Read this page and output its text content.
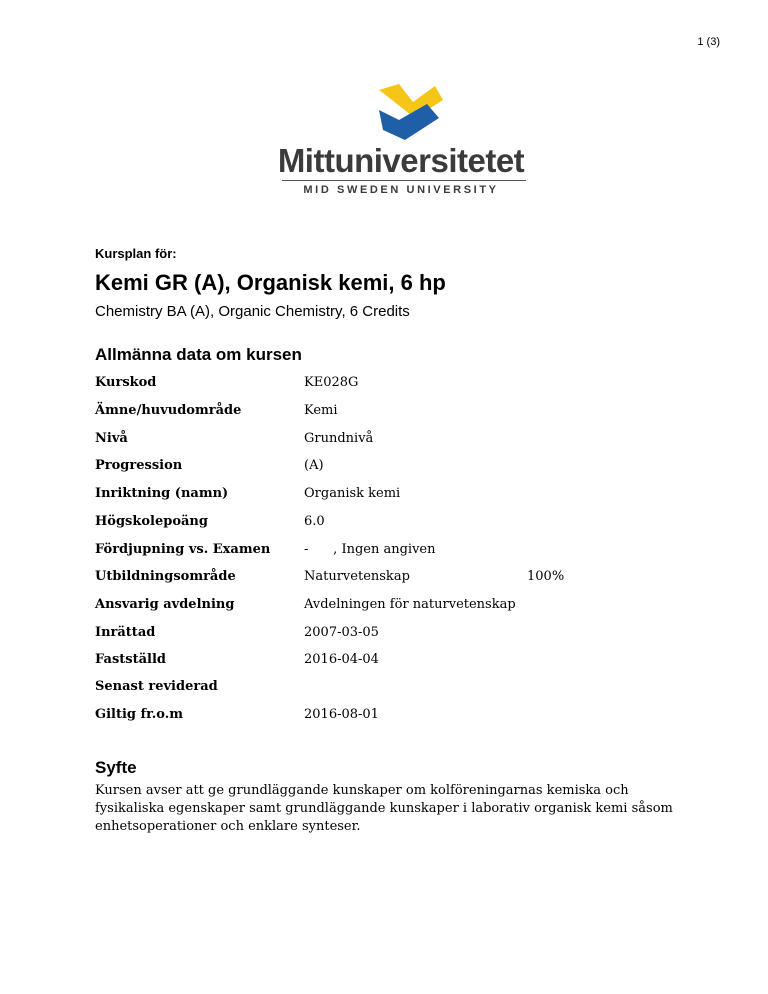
1 (3)
Mittuniversitetet
MID SWEDEN UNIVERSITY
Kursplan för:
Kemi GR (A), Organisk kemi, 6 hp
Chemistry BA (A), Organic Chemistry, 6 Credits
Allmänna data om kursen
Kurskod	KE028G
Ämne/huvudområde	Kemi
Nivå	Grundnivå
Progression	(A)
Inriktning (namn)	Organisk kemi
Högskolepoäng	6.0
Fördjupning vs. Examen	-      , Ingen angiven
Utbildningsområde	Naturvetenskap	100%
Ansvarig avdelning	Avdelningen för naturvetenskap
Inrättad	2007-03-05
Fastställd	2016-04-04
Senast reviderad
Giltig fr.o.m	2016-08-01
Syfte

Kursen avser att ge grundläggande kunskaper om kolföreningarnas kemiska och fysikaliska egenskaper samt grundläggande kunskaper i laborativ organisk kemi såsom enhetsoperationer och enklare synteser.
